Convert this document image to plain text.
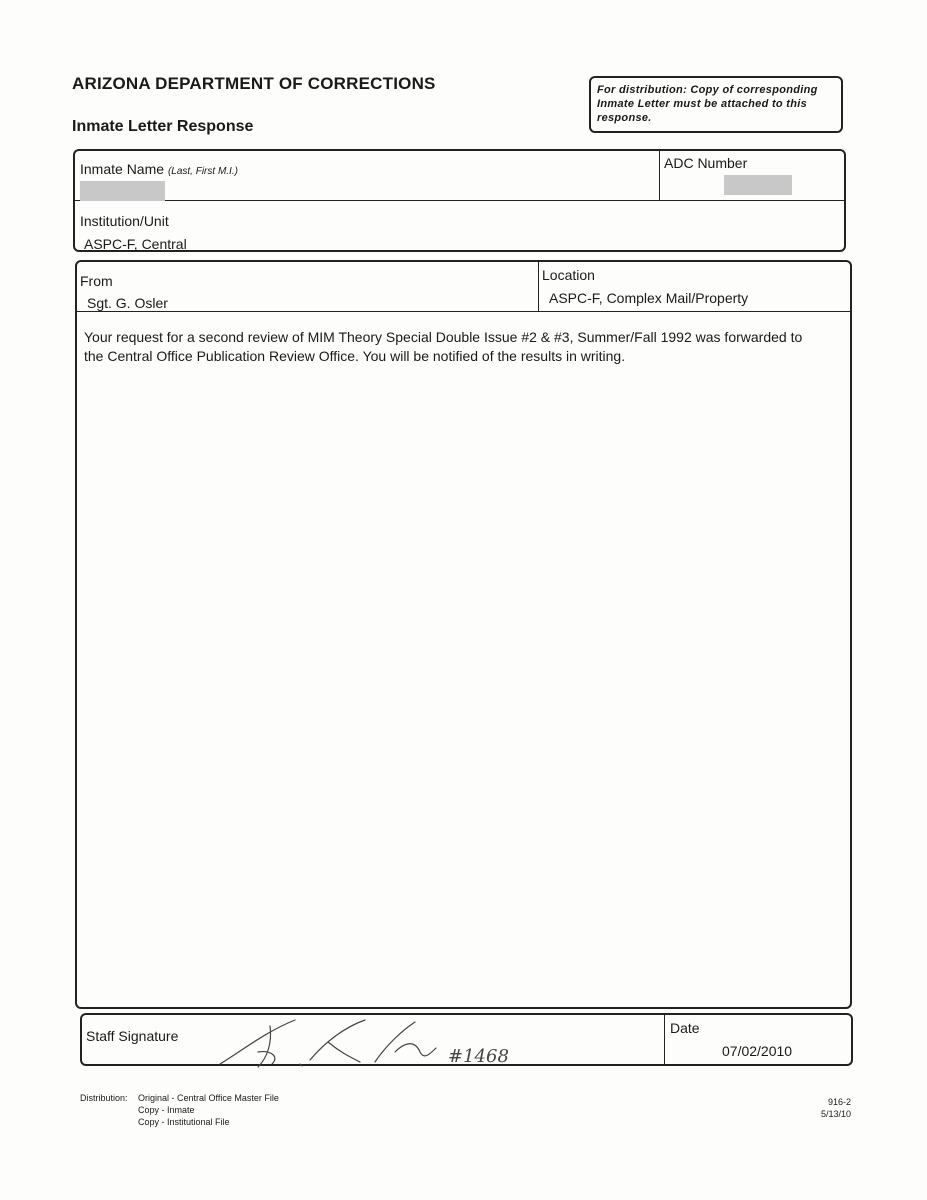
ARIZONA DEPARTMENT OF CORRECTIONS
Inmate Letter Response
For distribution: Copy of corresponding Inmate Letter must be attached to this response.
Inmate Name (Last, First M.I.)
ADC Number
Institution/Unit
ASPC-F, Central
From
Sgt. G. Osler
Location
ASPC-F, Complex Mail/Property
Your request for a second review of MIM Theory Special Double Issue #2 & #3, Summer/Fall 1992 was forwarded to the Central Office Publication Review Office. You will be notified of the results in writing.
Staff Signature
#1468
Date
07/02/2010
Distribution:	Original - Central Office Master File
Copy - Inmate
Copy - Institutional File
916-2
5/13/10
